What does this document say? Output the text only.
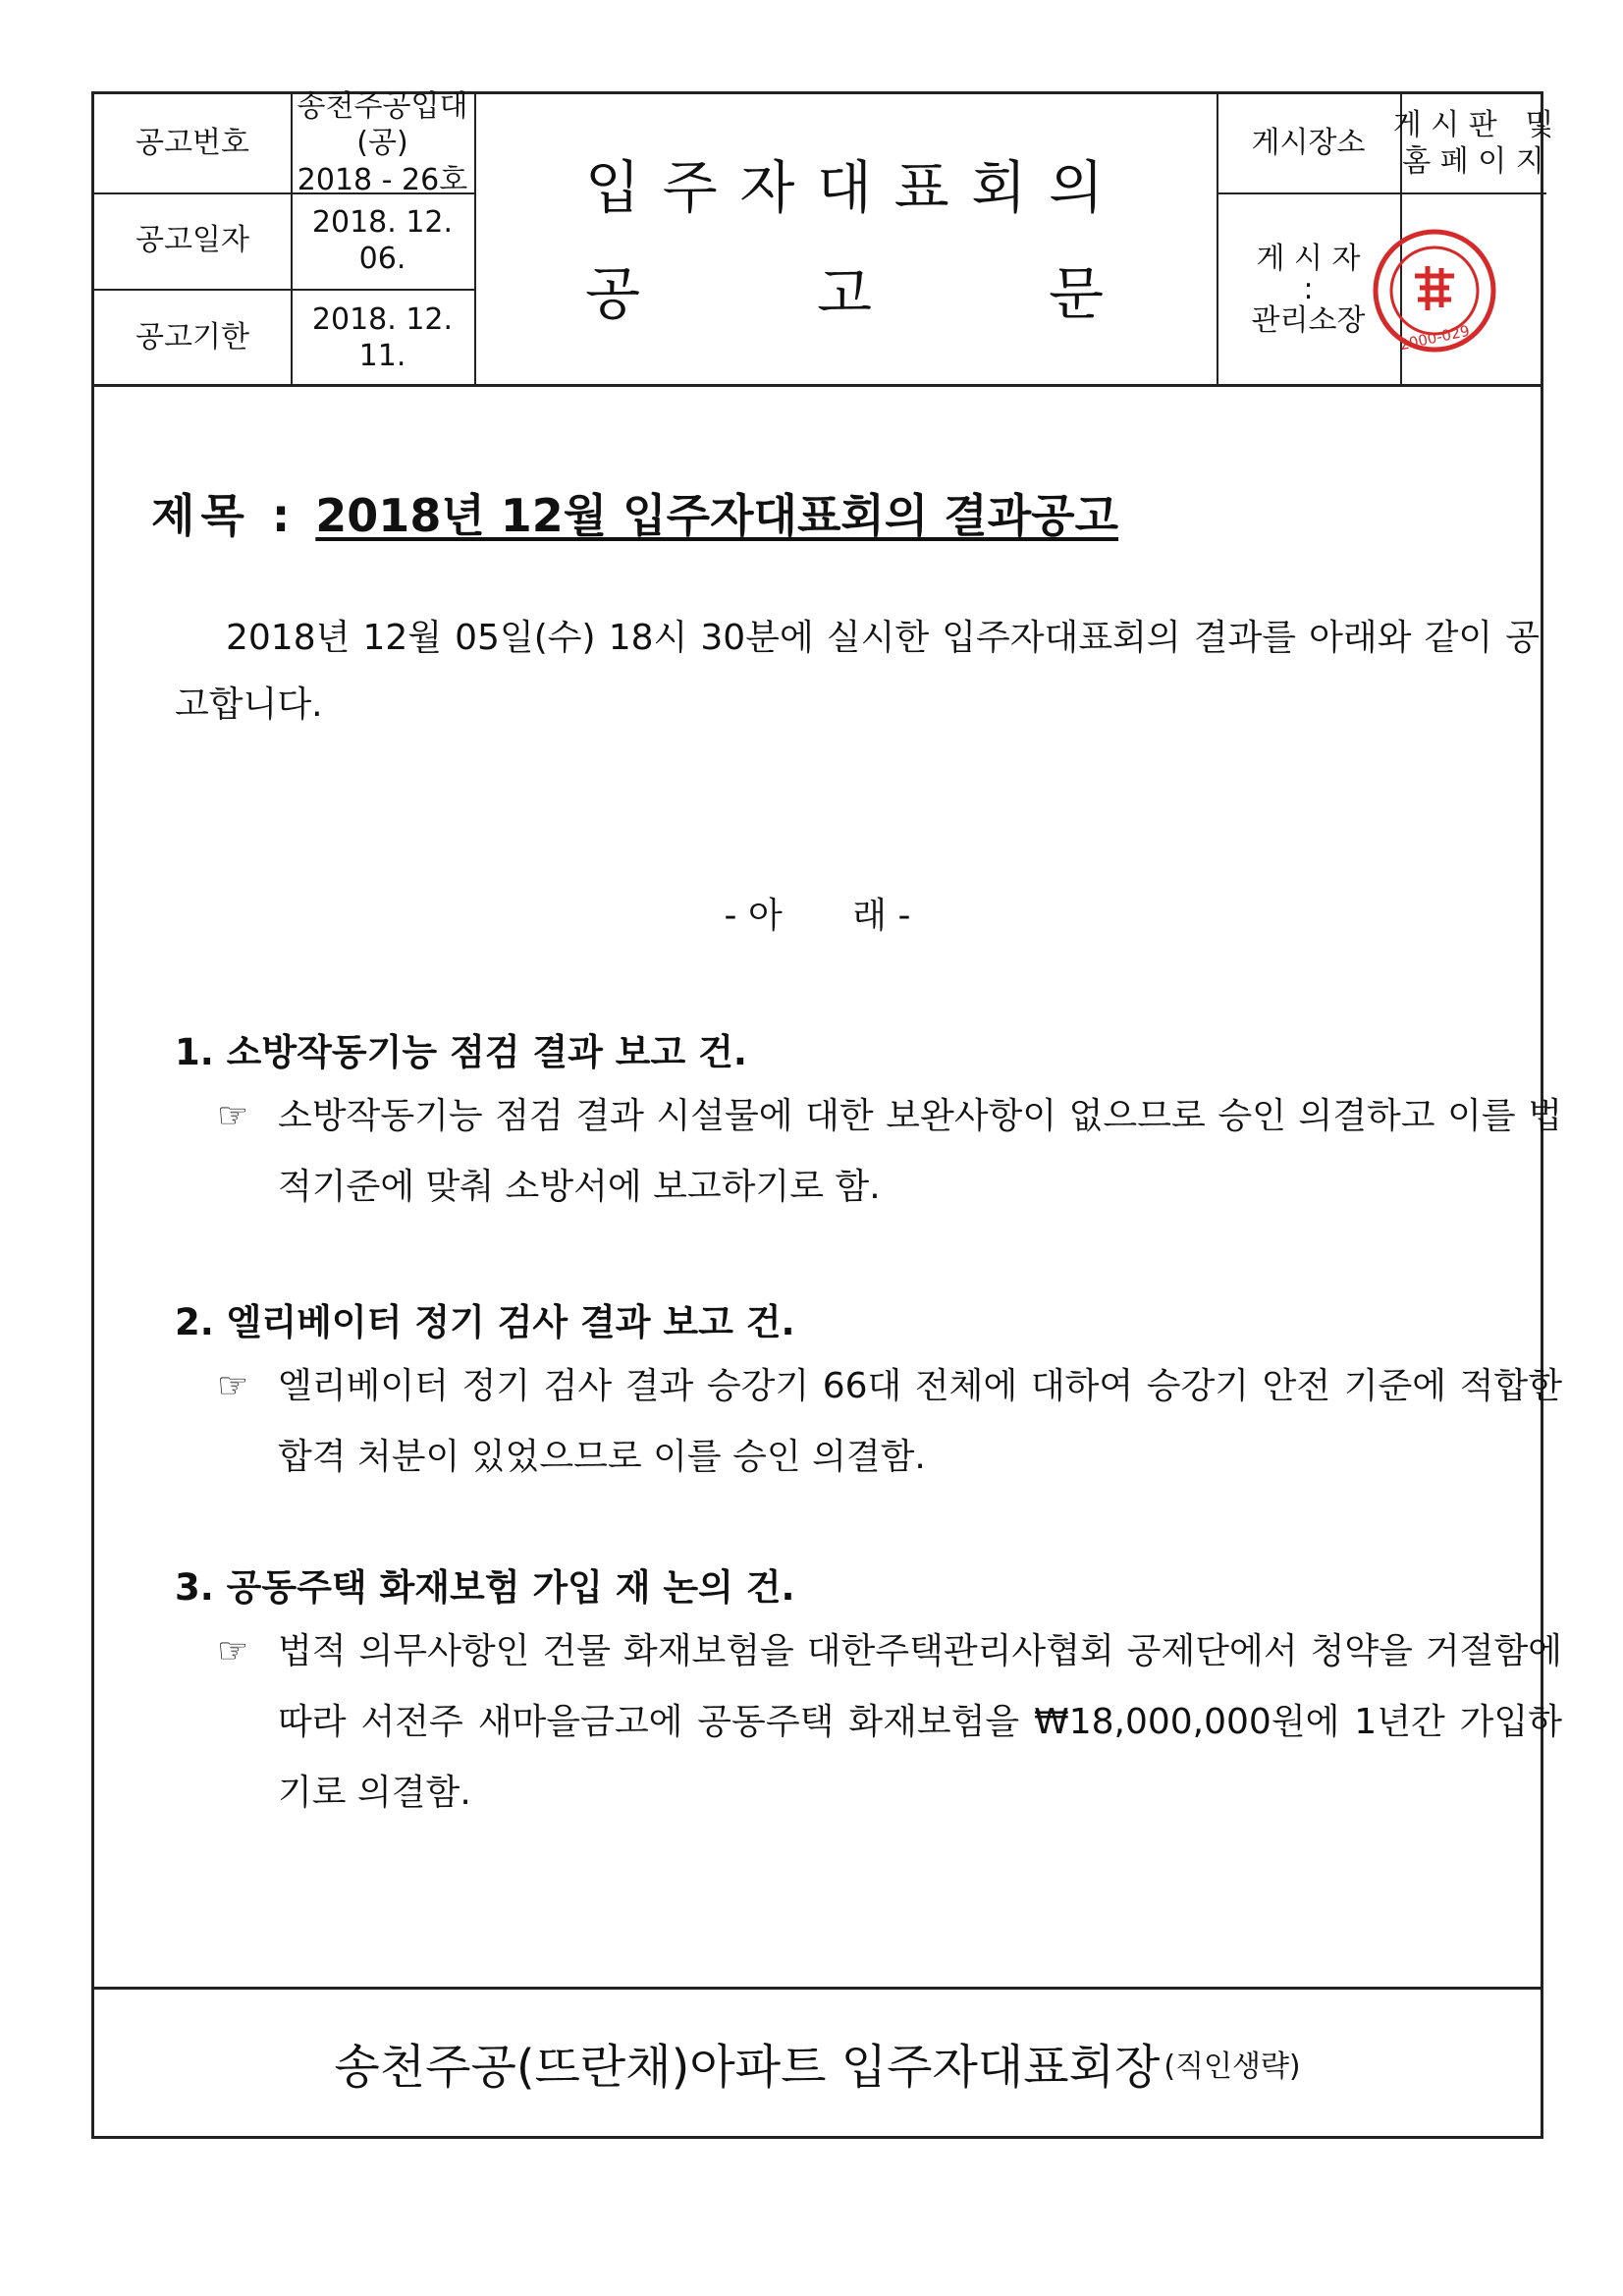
공고번호
송천주공입대(공)
2018 - 26호
공고일자
2018. 12. 06.
공고기한
2018. 12. 11.
입 주 자 대 표 회 의
공	고	문
게시장소
게 시 판   및
홈 페 이 지
게 시 자
:
관리소장
2000-029
제목 : 2018년 12월 입주자대표회의 결과공고
2018년 12월 05일(수) 18시 30분에 실시한 입주자대표회의 결과를 아래와 같이 공고합니다.
- 아 래 -
1. 소방작동기능 점검 결과 보고 건.
☞ 소방작동기능 점검 결과 시설물에 대한 보완사항이 없으므로 승인 의결하고 이를 법적기준에 맞춰 소방서에 보고하기로 함.
2. 엘리베이터 정기 검사 결과 보고 건.
☞ 엘리베이터 정기 검사 결과 승강기 66대 전체에 대하여 승강기 안전 기준에 적합한 합격 처분이 있었으므로 이를 승인 의결함.
3. 공동주택 화재보험 가입 재 논의 건.
☞ 법적 의무사항인 건물 화재보험을 대한주택관리사협회 공제단에서 청약을 거절함에 따라 서전주 새마을금고에 공동주택 화재보험을 ₩18,000,000원에 1년간 가입하기로 의결함.
송천주공(뜨란채)아파트 입주자대표회장 (직인생략)
